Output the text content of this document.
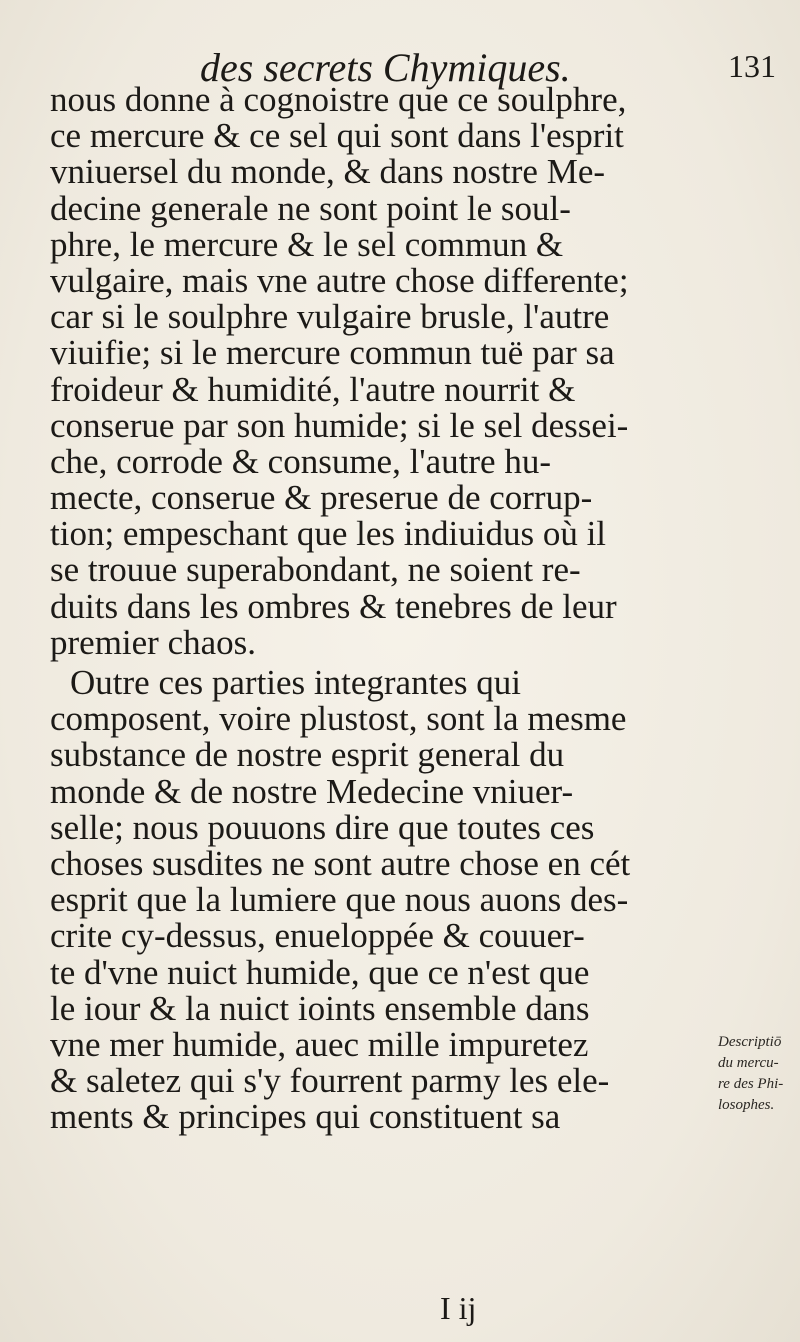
des secrets Chymiques.	131
nous donne à cognoistre que ce soulphre,
ce mercure & ce sel qui sont dans l'esprit
vniuersel du monde, & dans nostre Me-
decine generale ne sont point le soul-
phre, le mercure & le sel commun &
vulgaire, mais vne autre chose differente;
car si le soulphre vulgaire brusle, l'autre
viuifie; si le mercure commun tuë par sa
froideur & humidité, l'autre nourrit &
conserue par son humide; si le sel dessei-
che, corrode & consume, l'autre hu-
mecte, conserue & preserue de corrup-
tion; empeschant que les indiuidus où il
se trouue superabondant, ne soient re-
duits dans les ombres & tenebres de leur
premier chaos.
Outre ces parties integrantes qui
composent, voire plustost, sont la mesme
substance de nostre esprit general du
monde & de nostre Medecine vniuer-
selle; nous pouuons dire que toutes ces
choses susdites ne sont autre chose en cét
esprit que la lumiere que nous auons des-
crite cy-dessus, enueloppée & couuer-
te d'vne nuict humide, que ce n'est que
le iour & la nuict ioints ensemble dans
vne mer humide, auec mille impuretez
& saletez qui s'y fourrent parmy les ele-
ments & principes qui constituent sa
Descriptiō
du mercu-
re des Phi-
losophes.
I ij
